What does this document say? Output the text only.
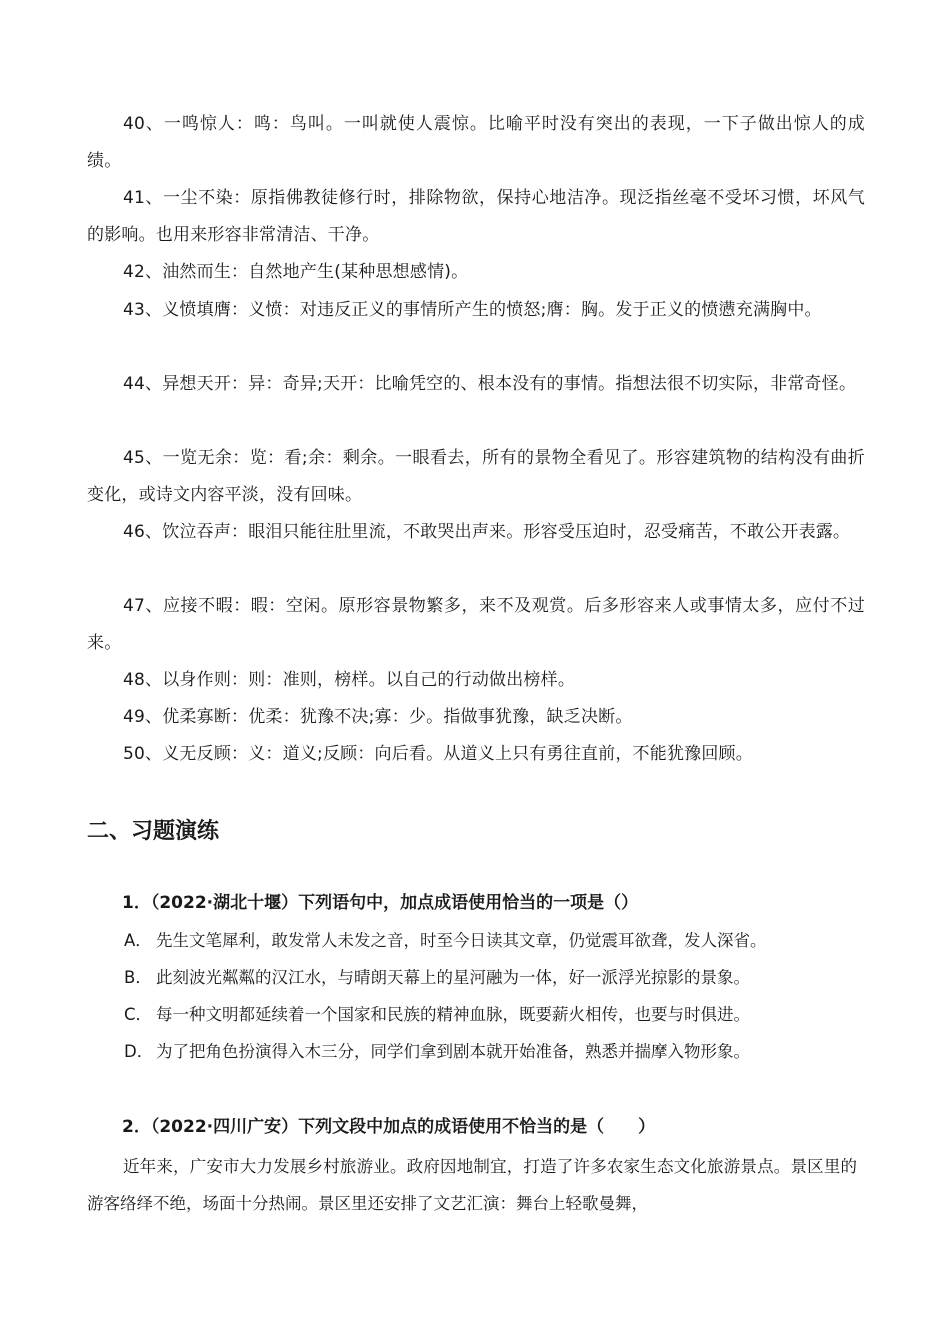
40、一鸣惊人：鸣：鸟叫。一叫就使人震惊。比喻平时没有突出的表现，一下子做出惊人的成绩。

41、一尘不染：原指佛教徒修行时，排除物欲，保持心地洁净。现泛指丝毫不受坏习惯，坏风气的影响。也用来形容非常清洁、干净。

42、油然而生：自然地产生(某种思想感情)。

43、义愤填膺：义愤：对违反正义的事情所产生的愤怒;膺：胸。发于正义的愤懑充满胸中。

44、异想天开：异：奇异;天开：比喻凭空的、根本没有的事情。指想法很不切实际，非常奇怪。

45、一览无余：览：看;余：剩余。一眼看去，所有的景物全看见了。形容建筑物的结构没有曲折变化，或诗文内容平淡，没有回味。

46、饮泣吞声：眼泪只能往肚里流，不敢哭出声来。形容受压迫时，忍受痛苦，不敢公开表露。

47、应接不暇：暇：空闲。原形容景物繁多，来不及观赏。后多形容来人或事情太多，应付不过来。

48、以身作则：则：准则，榜样。以自己的行动做出榜样。

49、优柔寡断：优柔：犹豫不决;寡：少。指做事犹豫，缺乏决断。

50、义无反顾：义：道义;反顾：向后看。从道义上只有勇往直前，不能犹豫回顾。

二、习题演练
1．（2022·湖北十堰）下列语句中，加点成语使用恰当的一项是（）
A． 先生文笔犀利，敢发常人未发之音，时至今日读其文章，仍觉震耳欲聋，发人深省。
B． 此刻波光粼粼的汉江水，与晴朗天幕上的星河融为一体，好一派浮光掠影的景象。
C． 每一种文明都延续着一个国家和民族的精神血脉，既要薪火相传，也要与时俱进。
D． 为了把角色扮演得入木三分，同学们拿到剧本就开始准备，熟悉并揣摩入物形象。
2．（2022·四川广安）下列文段中加点的成语使用不恰当的是（　　）

近年来，广安市大力发展乡村旅游业。政府因地制宜，打造了许多农家生态文化旅游景点。景区里的游客络绎不绝，场面十分热闹。景区里还安排了文艺汇演：舞台上轻歌曼舞，
